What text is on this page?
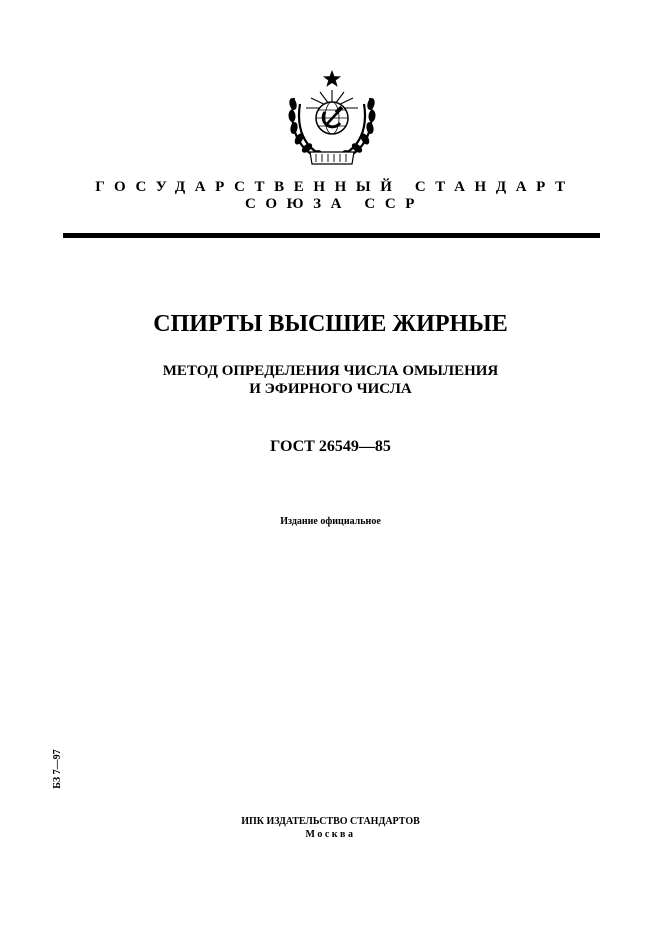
ГОСУДАРСТВЕННЫЙ СТАНДАРТ
СОЮЗА ССР
СПИРТЫ ВЫСШИЕ ЖИРНЫЕ
МЕТОД ОПРЕДЕЛЕНИЯ ЧИСЛА ОМЫЛЕНИЯ
И ЭФИРНОГО ЧИСЛА
ГОСТ 26549—85
Издание официальное
БЗ 7—97
ИПК ИЗДАТЕЛЬСТВО СТАНДАРТОВ
Москва
